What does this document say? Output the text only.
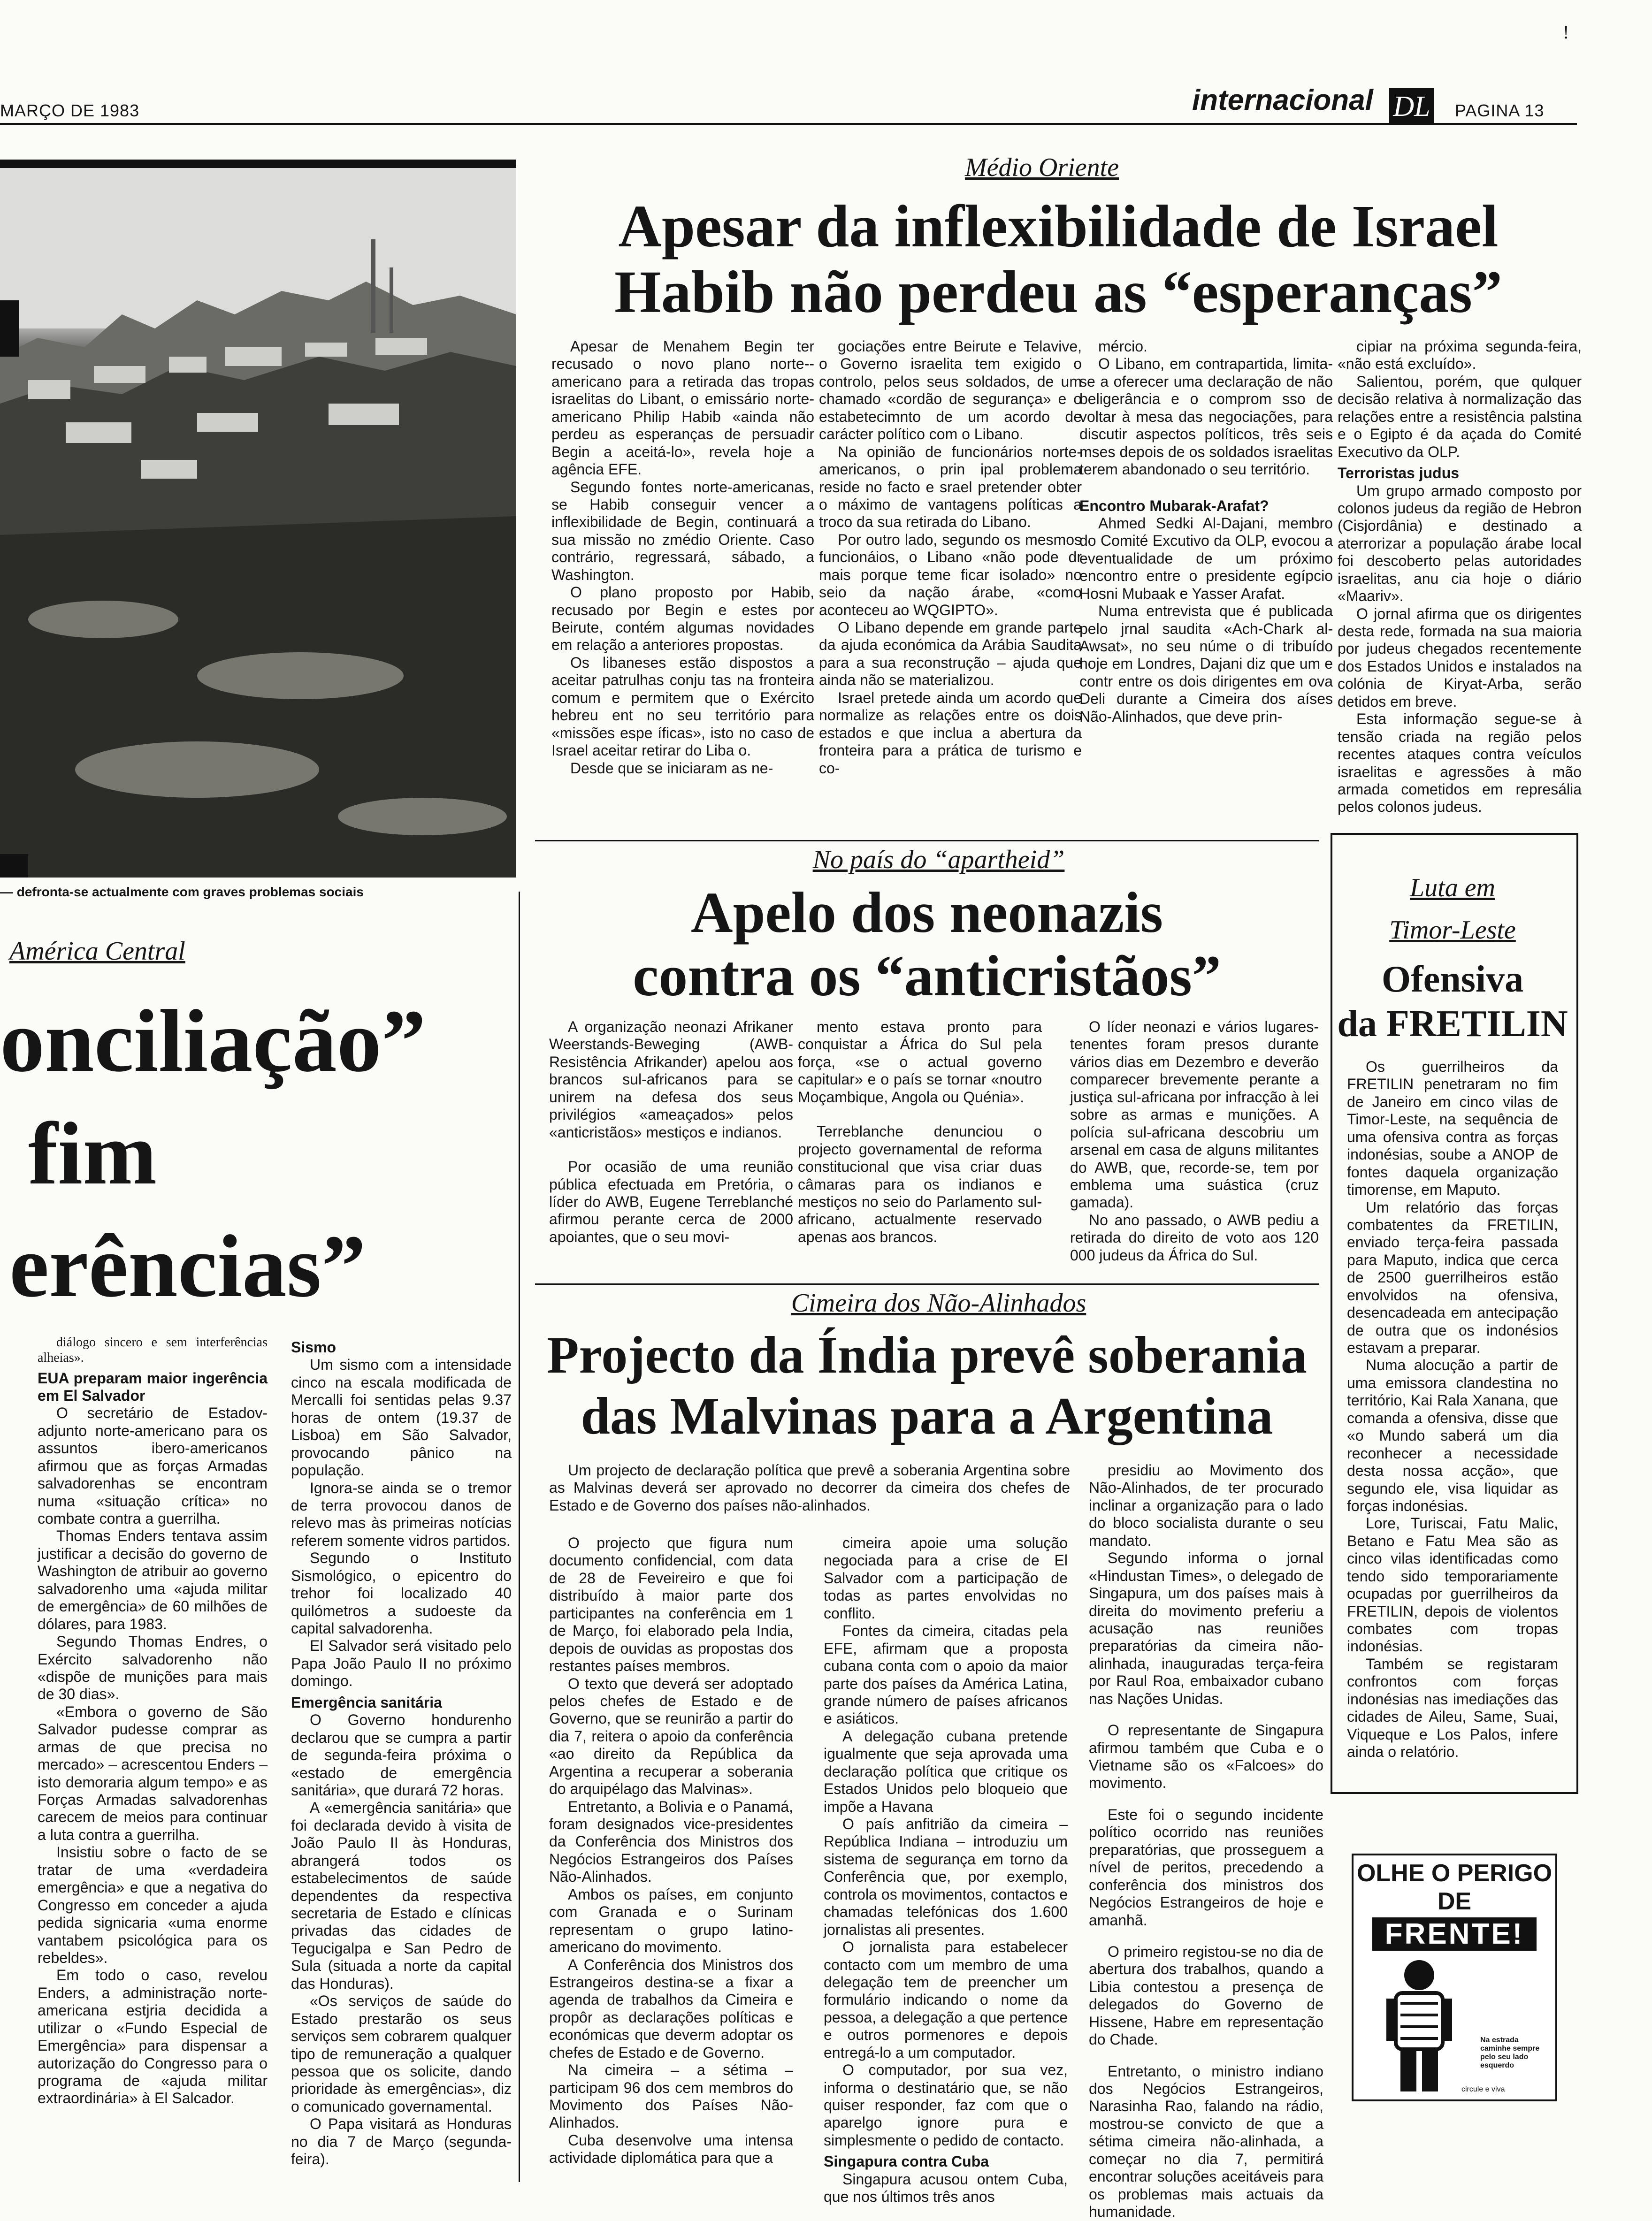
MARÇO DE 1983	internacional DL PAGINA 13
!
— defronta-se actualmente com graves problemas sociais
Médio Oriente
Apesar da inflexibilidade de Israel
Habib não perdeu as “esperanças”

Apesar de Menahem Begin ter recusado o novo plano norte--americano para a retirada das tropas israelitas do Libant, o emissário norte-americano Philip Habib «ainda não perdeu as esperanças de persuadir Begin a aceitá-lo», revela hoje a agência EFE.

Segundo fontes norte-americanas, se Habib conseguir vencer a inflexibilidade de Begin, continuará a sua missão no zmédio Oriente. Caso contrário, regressará, sábado, a Washington.

O plano proposto por Habib, recusado por Begin e estes por Beirute, contém algumas novidades em relação a anteriores propostas.

Os libaneses estão dispostos a aceitar patrulhas conju tas na fronteira comum e permitem que o Exército hebreu ent no seu território para «missões espe íficas», isto no caso de Israel aceitar retirar do Liba o.

Desde que se iniciaram as ne-

gociações entre Beirute e Telavive, o Governo israelita tem exigido o controlo, pelos seus soldados, de um chamado «cordão de segurança» e o estabetecimnto de um acordo de carácter político com o Libano.

Na opinião de funcionários norte-americanos, o prin ipal problema reside no facto e srael pretender obter o máximo de vantagens políticas a troco da sua retirada do Libano.

Por outro lado, segundo os mesmos funcionáios, o Libano «não pode dr mais porque teme ficar isolado» no seio da nação árabe, «como aconteceu ao WQGIPTO».

O Libano depende em grande parte da ajuda económica da Arábia Saudita para a sua reconstrução – ajuda que ainda não se materializou.

Israel pretede ainda um acordo que normalize as relações entre os dois estados e que inclua a abertura da fronteira para a prática de turismo e co-

mércio.

O Libano, em contrapartida, limita-se a oferecer uma declaração de não beligerância e o comprom sso de voltar à mesa das negociações, para discutir aspectos políticos, três seis mses depois de os soldados israelitas terem abandonado o seu território.

Encontro Mubarak-Arafat?

Ahmed Sedki Al-Dajani, membro do Comité Excutivo da OLP, evocou a eventualidade de um próximo encontro entre o presidente egípcio Hosni Mubaak e Yasser Arafat.

Numa entrevista que é publicada pelo jrnal saudita «Ach-Chark al-Awsat», no seu núme o di tribuído hoje em Londres, Dajani diz que um e contr entre os dois dirigentes em ova Deli durante a Cimeira dos aíses Não-Alinhados, que deve prin-

cipiar na próxima segunda-feira, «não está excluído».

Salientou, porém, que qulquer decisão relativa à normalização das relações entre a resistência palstina e o Egipto é da açada do Comité Executivo da OLP.

Terroristas judus

Um grupo armado composto por colonos judeus da região de Hebron (Cisjordânia) e destinado a aterrorizar a população árabe local foi descoberto pelas autoridades israelitas, anu cia hoje o diário «Maariv».

O jornal afirma que os dirigentes desta rede, formada na sua maioria por judeus chegados recentemente dos Estados Unidos e instalados na colónia de Kiryat-Arba, serão detidos em breve.

Esta informação segue-se à tensão criada na região pelos recentes ataques contra veículos israelitas e agressões à mão armada cometidos em represália pelos colonos judeus.

No país do “apartheid”
Apelo dos neonazis
contra os “anticristãos”

A organização neonazi Afrikaner Weerstands-Beweging (AWB-Resistência Afrikander) apelou aos brancos sul-africanos para se unirem na defesa dos seus privilégios «ameaçados» pelos «anticristãos» mestiços e indianos.

Por ocasião de uma reunião pública efectuada em Pretória, o líder do AWB, Eugene Terreblanché afirmou perante cerca de 2000 apoiantes, que o seu movi-

mento estava pronto para conquistar a África do Sul pela força, «se o actual governo capitular» e o país se tornar «noutro Moçambique, Angola ou Quénia».

Terreblanche denunciou o projecto governamental de reforma constitucional que visa criar duas câmaras para os indianos e mestiços no seio do Parlamento sul-africano, actualmente reservado apenas aos brancos.

O líder neonazi e vários lugares-tenentes foram presos durante vários dias em Dezembro e deverão comparecer brevemente perante a justiça sul-africana por infracção à lei sobre as armas e munições. A polícia sul-africana descobriu um arsenal em casa de alguns militantes do AWB, que, recorde-se, tem por emblema uma suástica (cruz gamada).

No ano passado, o AWB pediu a retirada do direito de voto aos 120 000 judeus da África do Sul.

América Central
onciliação”
fim
erências”

diálogo sincero e sem interferências alheias».

EUA preparam maior ingerência em El Salvador

O secretário de Estadov-adjunto norte-americano para os assuntos ibero-americanos afirmou que as forças Armadas salvadorenhas se encontram numa «situação crítica» no combate contra a guerrilha.

Thomas Enders tentava assim justificar a decisão do governo de Washington de atribuir ao governo salvadorenho uma «ajuda militar de emergência» de 60 milhões de dólares, para 1983.

Segundo Thomas Endres, o Exército salvadorenho não «dispõe de munições para mais de 30 dias».

«Embora o governo de São Salvador pudesse comprar as armas de que precisa no mercado» – acrescentou Enders – isto demoraria algum tempo» e as Forças Armadas salvadorenhas carecem de meios para continuar a luta contra a guerrilha.

Insistiu sobre o facto de se tratar de uma «verdadeira emergência» e que a negativa do Congresso em conceder a ajuda pedida signicaria «uma enorme vantabem psicológica para os rebeldes».

Em todo o caso, revelou Enders, a administração norte-americana estjria decidida a utilizar o «Fundo Especial de Emergência» para dispensar a autorização do Congresso para o programa de «ajuda militar extraordinária» à El Salcador.

Sismo

Um sismo com a intensidade cinco na escala modificada de Mercalli foi sentidas pelas 9.37 horas de ontem (19.37 de Lisboa) em São Salvador, provocando pânico na população.

Ignora-se ainda se o tremor de terra provocou danos de relevo mas às primeiras notícias referem somente vidros partidos.

Segundo o Instituto Sismológico, o epicentro do trehor foi localizado 40 quilómetros a sudoeste da capital salvadorenha.

El Salvador será visitado pelo Papa João Paulo II no próximo domingo.

Emergência sanitária

O Governo hondurenho declarou que se cumpra a partir de segunda-feira próxima o «estado de emergência sanitária», que durará 72 horas.

A «emergência sanitária» que foi declarada devido à visita de João Paulo II às Honduras, abrangerá todos os estabelecimentos de saúde dependentes da respectiva secretaria de Estado e clínicas privadas das cidades de Tegucigalpa e San Pedro de Sula (situada a norte da capital das Honduras).

«Os serviços de saúde do Estado prestarão os seus serviços sem cobrarem qualquer tipo de remuneração a qualquer pessoa que os solicite, dando prioridade às emergências», diz o comunicado governamental.

O Papa visitará as Honduras no dia 7 de Março (segunda-feira).

Cimeira dos Não-Alinhados
Projecto da Índia prevê soberania
das Malvinas para a Argentina

Um projecto de declaração política que prevê a soberania Argentina sobre as Malvinas deverá ser aprovado no decorrer da cimeira dos chefes de Estado e de Governo dos países não-alinhados.

O projecto que figura num documento confidencial, com data de 28 de Feveireiro e que foi distribuído à maior parte dos participantes na conferência em 1 de Março, foi elaborado pela India, depois de ouvidas as propostas dos restantes países membros.

O texto que deverá ser adoptado pelos chefes de Estado e de Governo, que se reunirão a partir do dia 7, reitera o apoio da conferência «ao direito da República da Argentina a recuperar a soberania do arquipélago das Malvinas».

Entretanto, a Bolivia e o Panamá, foram designados vice-presidentes da Conferência dos Ministros dos Negócios Estrangeiros dos Países Não-Alinhados.

Ambos os países, em conjunto com Granada e o Surinam representam o grupo latino-americano do movimento.

A Conferência dos Ministros dos Estrangeiros destina-se a fixar a agenda de trabalhos da Cimeira e propôr as declarações políticas e económicas que deverm adoptar os chefes de Estado e de Governo.

Na cimeira – a sétima – participam 96 dos cem membros do Movimento dos Países Não-Alinhados.

Cuba desenvolve uma intensa actividade diplomática para que a

cimeira apoie uma solução negociada para a crise de El Salvador com a participação de todas as partes envolvidas no conflito.

Fontes da cimeira, citadas pela EFE, afirmam que a proposta cubana conta com o apoio da maior parte dos países da América Latina, grande número de países africanos e asiáticos.

A delegação cubana pretende igualmente que seja aprovada uma declaração política que critique os Estados Unidos pelo bloqueio que impõe a Havana

O país anfitrião da cimeira – República Indiana – introduziu um sistema de segurança em torno da Conferência que, por exemplo, controla os movimentos, contactos e chamadas telefónicas dos 1.600 jornalistas ali presentes.

O jornalista para estabelecer contacto com um membro de uma delegação tem de preencher um formulário indicando o nome da pessoa, a delegação a que pertence e outros pormenores e depois entregá-lo a um computador.

O computador, por sua vez, informa o destinatário que, se não quiser responder, faz com que o aparelgo ignore pura e simplesmente o pedido de contacto.

Singapura contra Cuba

Singapura acusou ontem Cuba, que nos últimos três anos

presidiu ao Movimento dos Não-Alinhados, de ter procurado inclinar a organização para o lado do bloco socialista durante o seu mandato.

Segundo informa o jornal «Hindustan Times», o delegado de Singapura, um dos países mais à direita do movimento preferiu a acusação nas reuniões preparatórias da cimeira não-alinhada, inauguradas terça-feira por Raul Roa, embaixador cubano nas Nações Unidas.

O representante de Singapura afirmou também que Cuba e o Vietname são os «Falcoes» do movimento.

Este foi o segundo incidente político ocorrido nas reuniões preparatórias, que prosseguem a nível de peritos, precedendo a conferência dos ministros dos Negócios Estrangeiros de hoje e amanhã.

O primeiro registou-se no dia de abertura dos trabalhos, quando a Libia contestou a presença de delegados do Governo de Hissene, Habre em representação do Chade.

Entretanto, o ministro indiano dos Negócios Estrangeiros, Narasinha Rao, falando na rádio, mostrou-se convicto de que a sétima cimeira não-alinhada, a começar no dia 7, permitirá encontrar soluções aceitáveis para os problemas mais actuais da humanidade.

Luta em
Timor-Leste
Ofensiva
da FRETILIN

Os guerrilheiros da FRETILIN penetraram no fim de Janeiro em cinco vilas de Timor-Leste, na sequência de uma ofensiva contra as forças indonésias, soube a ANOP de fontes daquela organização timorense, em Maputo.

Um relatório das forças combatentes da FRETILIN, enviado terça-feira passada para Maputo, indica que cerca de 2500 guerrilheiros estão envolvidos na ofensiva, desencadeada em antecipação de outra que os indonésios estavam a preparar.

Numa alocução a partir de uma emissora clandestina no território, Kai Rala Xanana, que comanda a ofensiva, disse que «o Mundo saberá um dia reconhecer a necessidade desta nossa acção», que segundo ele, visa liquidar as forças indonésias.

Lore, Turiscai, Fatu Malic, Betano e Fatu Mea são as cinco vilas identificadas como tendo sido temporariamente ocupadas por guerrilheiros da FRETILIN, depois de violentos combates com tropas indonésias.

Também se registaram confrontos com forças indonésias nas imediações das cidades de Aileu, Same, Suai, Viqueque e Los Palos, infere ainda o relatório.

OLHE O PERIGO
DE
FRENTE!
Na estrada caminhe sempre pelo seu lado esquerdo
circule e viva
